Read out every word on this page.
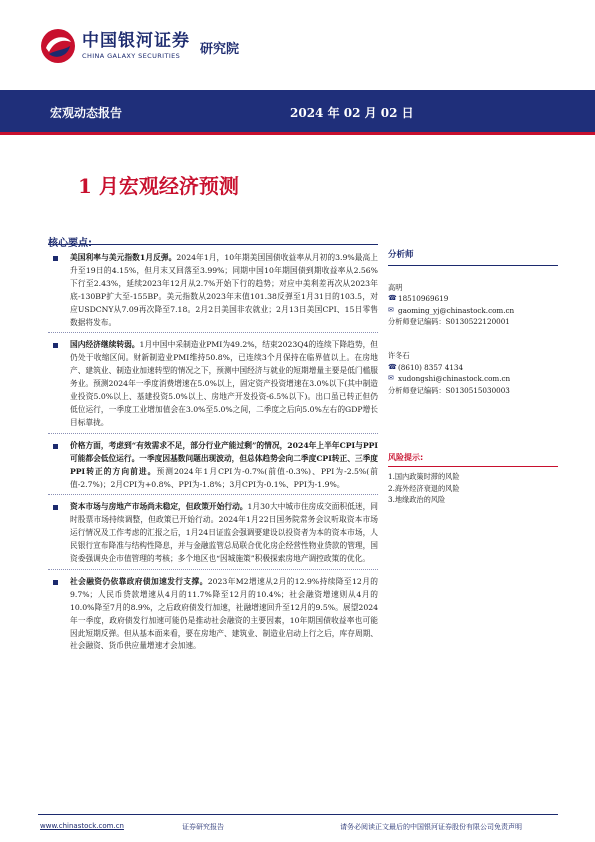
中国银河证券
CHINA GALAXY SECURITIES	研究院
宏观动态报告	2024 年 02 月 02 日
1 月宏观经济预测
美国利率与美元指数1月反弹。2024年1月，10年期美国国债收益率从月初的3.9%最高上升至19日的4.15%，但月末又回落至3.99%；同期中国10年期国债到期收益率从2.56%下行至2.43%，延续2023年12月从2.7%开始下行的趋势；对应中美利差再次从2023年底-130BP扩大至-155BP。美元指数从2023年末值101.38反弹至1月31日的103.5，对应USDCNY从7.09再次降至7.18。2月2日美国非农就业；2月13日美国CPI、15日零售数据将发布。
国内经济继续转弱。1月中国中采制造业PMI为49.2%，结束2023Q4的连续下降趋势，但仍处于收缩区间。财新制造业PMI维持50.8%，已连续3个月保持在临界值以上。在房地产、建筑业、制造业加速转型的情况之下，预测中国经济与就业的短期增量主要是低门槛服务业。预测2024年一季度消费增速在5.0%以上，固定资产投资增速在3.0%以下(其中制造业投资5.0%以上、基建投资5.0%以上、房地产开发投资-6.5%以下)。出口虽已转正但仍低位运行，一季度工业增加值会在3.0%至5.0%之间，二季度之后向5.0%左右的GDP增长目标靠拢。
价格方面，考虑到“有效需求不足，部分行业产能过剩”的情况，2024年上半年CPI与PPI可能都会低位运行。一季度因基数问题出现波动，但总体趋势会向二季度CPI转正、三季度PPI转正的方向前进。预测2024年1月CPI为-0.7%(前值-0.3%)、PPI为-2.5%(前值-2.7%)；2月CPI为+0.8%、PPI为-1.8%；3月CPI为-0.1%、PPI为-1.9%。
资本市场与房地产市场尚未稳定，但政策开始行动。1月30大中城市住房成交面积低迷，同时股票市场持续调整，但政策已开始行动。2024年1月22日国务院常务会议听取资本市场运行情况及工作考虑的汇报之后，1月24日证监会强调要建设以投资者为本的资本市场，人民银行宣布降准与结构性降息，并与金融监管总局联合优化房企经营性物业贷款的管理，国资委强调央企市值管理的考核；多个地区也“因城施策”积极探索房地产调控政策的优化。
社会融资仍依靠政府债加速发行支撑。2023年M2增速从2月的12.9%持续降至12月的9.7%；人民币贷款增速从4月的11.7%降至12月的10.4%；社会融资增速则从4月的10.0%降至7月的8.9%，之后政府债发行加速，社融增速回升至12月的9.5%。展望2024年一季度，政府债发行加速可能仍是推动社会融资的主要因素，10年期国债收益率也可能因此短期反弹。但从基本面来看，要在房地产、建筑业、制造业启动上行之后，库存周期、社会融资、货币供应量增速才会加速。
分析师
高明
☎ 18510969619
✉ gaoming_yj@chinastock.com.cn
分析师登记编码：S0130522120001
许冬石
☎ (8610) 8357 4134
✉ xudongshi@chinastock.com.cn
分析师登记编码：S0130515030003
风险提示:
1.国内政策时滞的风险
2.海外经济衰退的风险
3.地缘政治的风险
www.chinastock.com.cn	证券研究报告	请务必阅读正文最后的中国银河证券股份有限公司免责声明
